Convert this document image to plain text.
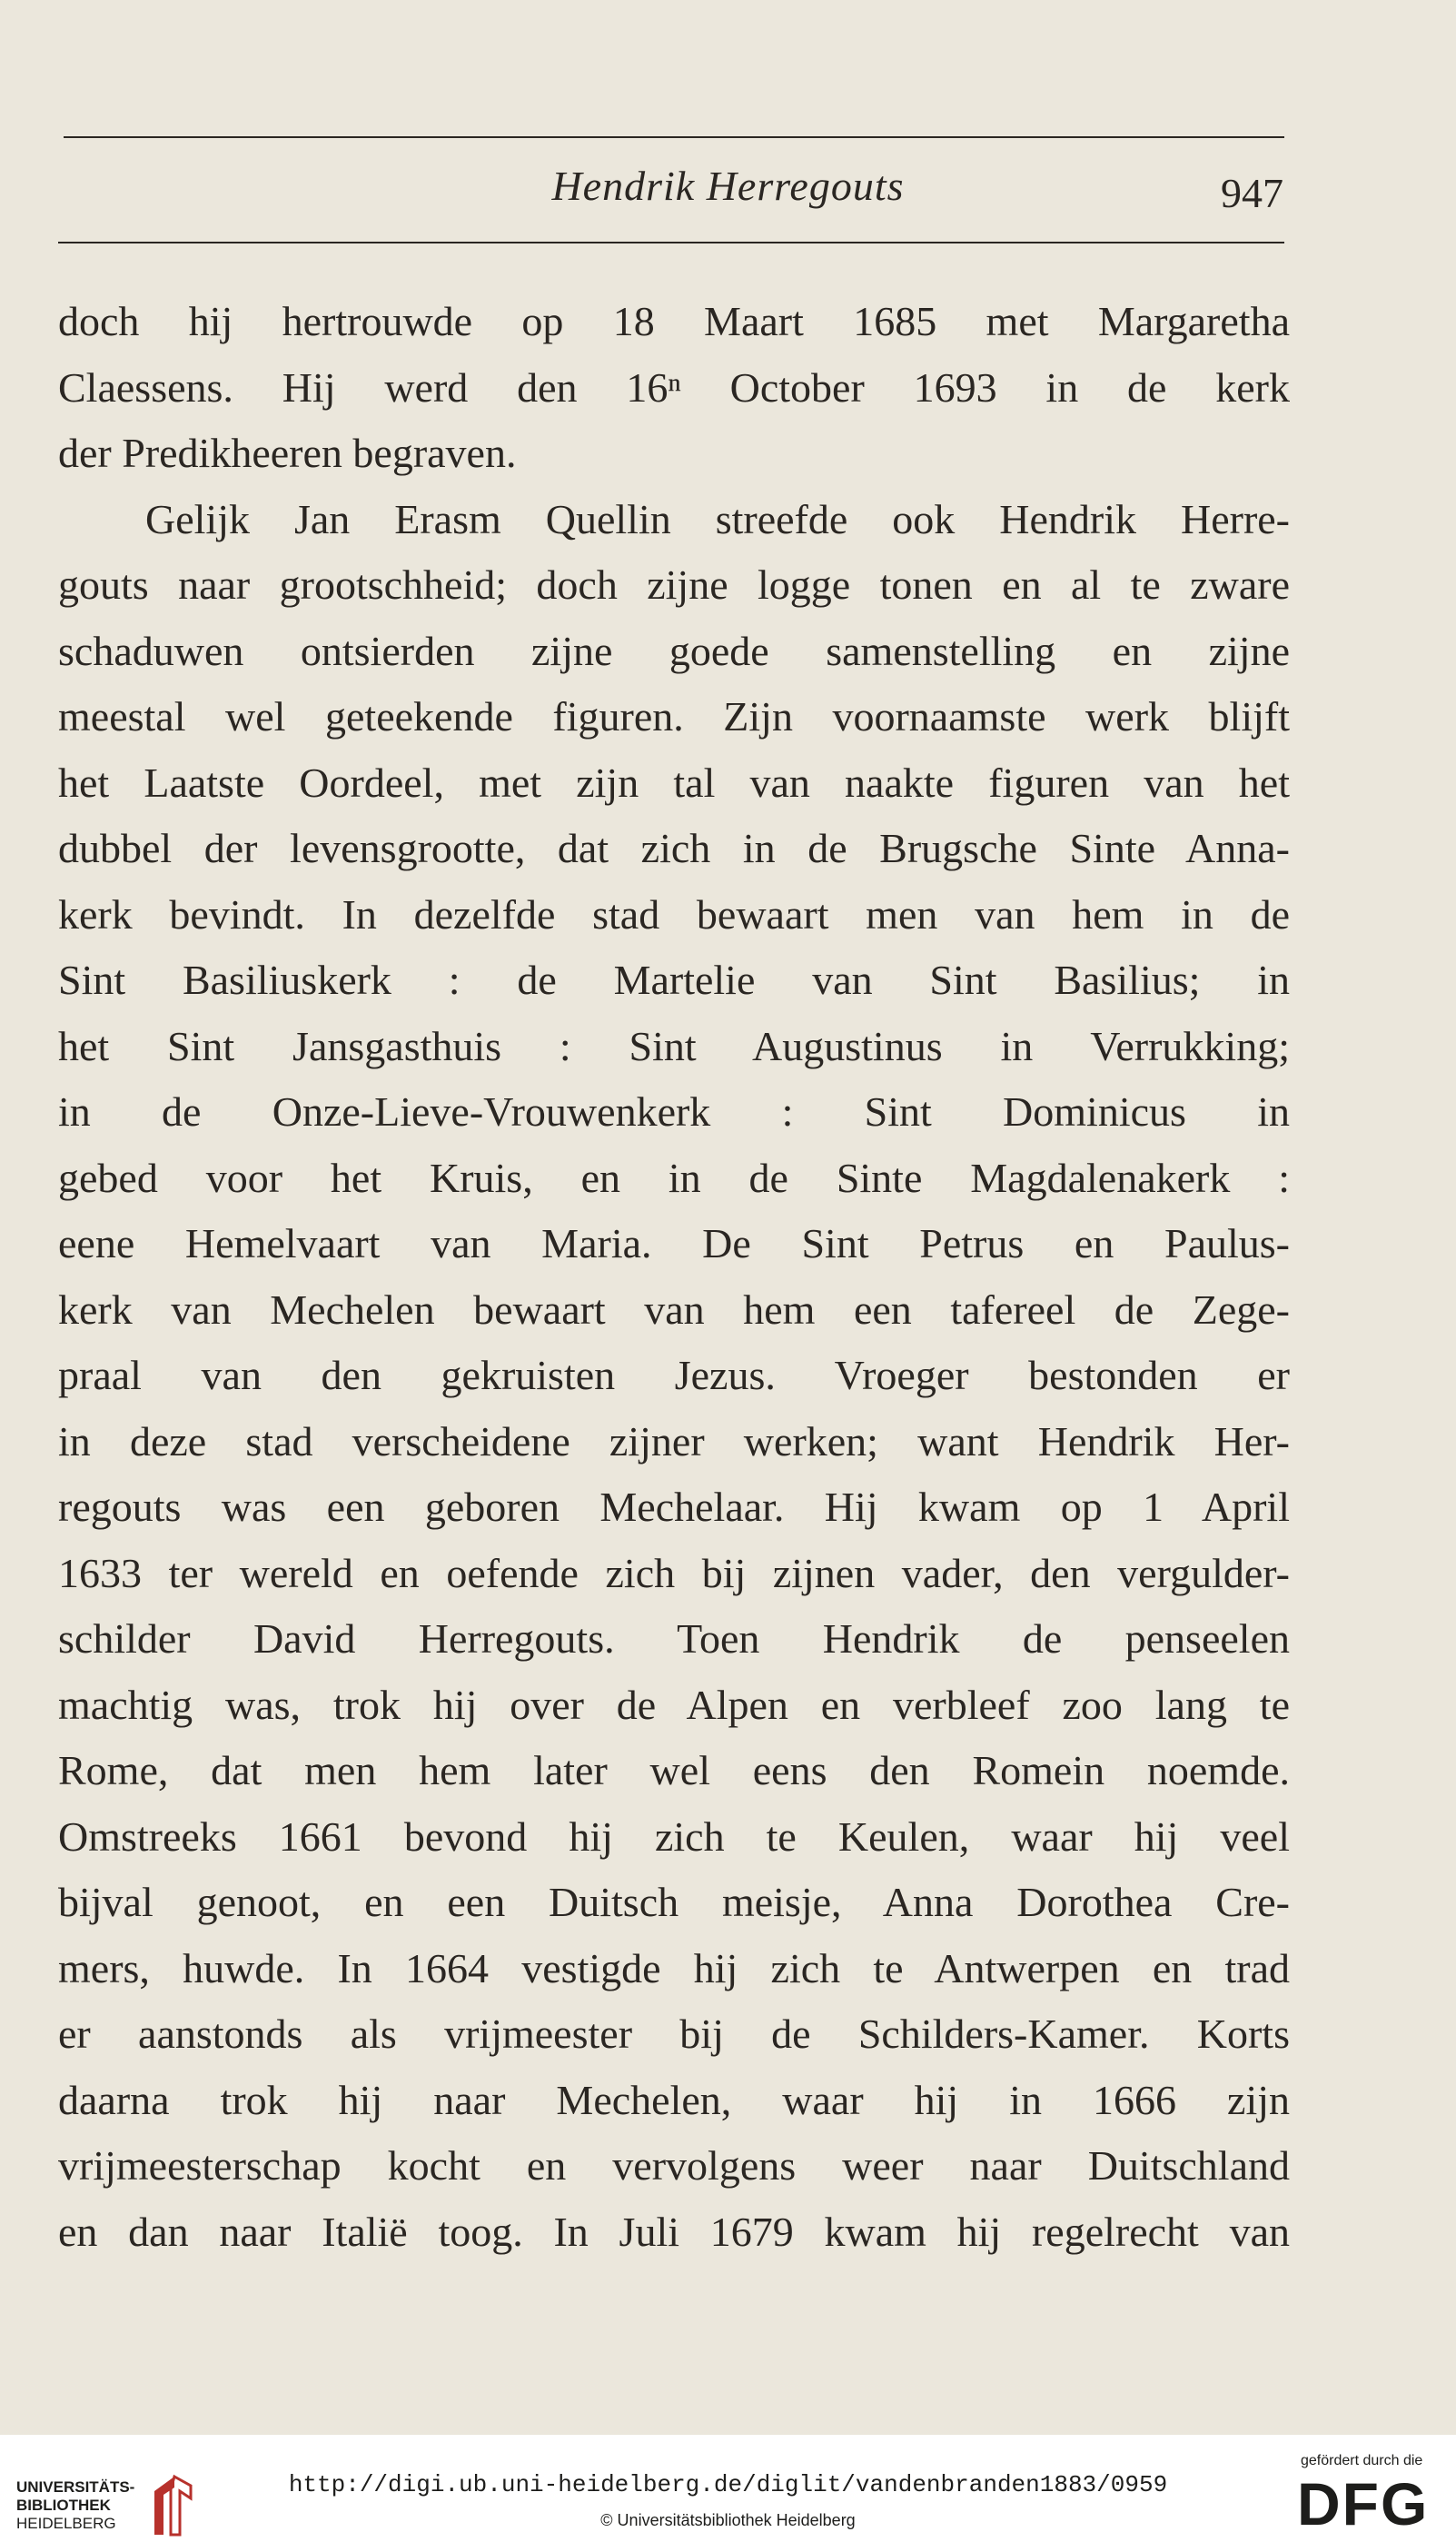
Hendrik Herregouts	947
doch hij hertrouwde op 18 Maart 1685 met Margaretha
Claessens. Hij werd den 16ⁿ October 1693 in de kerk
der Predikheeren begraven.
Gelijk Jan Erasm Quellin streefde ook Hendrik Herre-
gouts naar grootschheid; doch zijne logge tonen en al te zware
schaduwen ontsierden zijne goede samenstelling en zijne
meestal wel geteekende figuren. Zijn voornaamste werk blijft
het Laatste Oordeel, met zijn tal van naakte figuren van het
dubbel der levensgrootte, dat zich in de Brugsche Sinte Anna-
kerk bevindt. In dezelfde stad bewaart men van hem in de
Sint Basiliuskerk : de Martelie van Sint Basilius; in
het Sint Jansgasthuis : Sint Augustinus in Verrukking;
in de Onze-Lieve-Vrouwenkerk : Sint Dominicus in
gebed voor het Kruis, en in de Sinte Magdalenakerk :
eene Hemelvaart van Maria. De Sint Petrus en Paulus-
kerk van Mechelen bewaart van hem een tafereel de Zege-
praal van den gekruisten Jezus. Vroeger bestonden er
in deze stad verscheidene zijner werken; want Hendrik Her-
regouts was een geboren Mechelaar. Hij kwam op 1 April
1633 ter wereld en oefende zich bij zijnen vader, den vergulder-
schilder David Herregouts. Toen Hendrik de penseelen
machtig was, trok hij over de Alpen en verbleef zoo lang te
Rome, dat men hem later wel eens den Romein noemde.
Omstreeks 1661 bevond hij zich te Keulen, waar hij veel
bijval genoot, en een Duitsch meisje, Anna Dorothea Cre-
mers, huwde. In 1664 vestigde hij zich te Antwerpen en trad
er aanstonds als vrijmeester bij de Schilders-Kamer. Korts
daarna trok hij naar Mechelen, waar hij in 1666 zijn
vrijmeesterschap kocht en vervolgens weer naar Duitschland
en dan naar Italië toog. In Juli 1679 kwam hij regelrecht van
UNIVERSITÄTS-
BIBLIOTHEK
HEIDELBERG
http://digi.ub.uni-heidelberg.de/diglit/vandenbranden1883/0959
© Universitätsbibliothek Heidelberg
gefördert durch die
DFG
